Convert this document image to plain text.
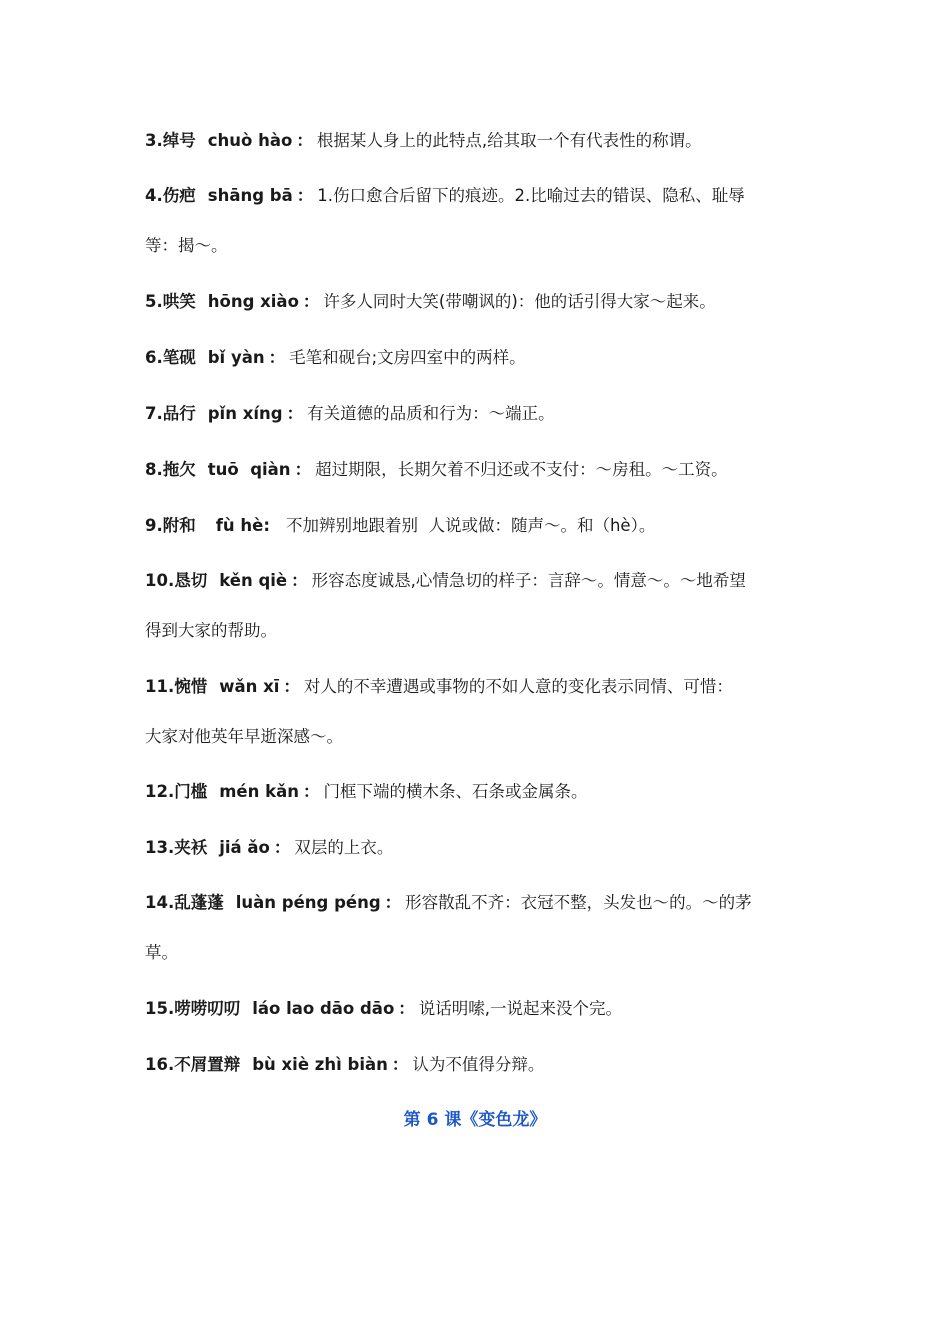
3.绰号 chuò hào ： 根据某人身上的此特点,给其取一个有代表性的称谓。
4.伤疤 shāng bā ： 1.伤口愈合后留下的痕迹。2.比喻过去的错误、隐私、耻辱
等：揭～。
5.哄笑 hōng xiào ： 许多人同时大笑(带嘲讽的)：他的话引得大家～起来。
6.笔砚 bǐ yàn ： 毛笔和砚台;文房四室中的两样。
7.品行 pǐn xíng ： 有关道德的品质和行为：～端正。
8.拖欠 tuō  qiàn ： 超过期限，长期欠着不归还或不支付：～房租。～工资。
9.附和 fù hè: 不加辨别地跟着别  人说或做：随声～。和（hè）。
10.恳切 kěn qiè ： 形容态度诚恳,心情急切的样子：言辞～。情意～。～地希望
得到大家的帮助。
11.惋惜 wǎn xī ： 对人的不幸遭遇或事物的不如人意的变化表示同情、可惜：
大家对他英年早逝深感～。
12.门槛 mén kǎn ： 门框下端的横木条、石条或金属条。
13.夹袄 jiá ǎo ： 双层的上衣。
14.乱蓬蓬 luàn péng péng ： 形容散乱不齐：衣冠不整，头发也～的。～的茅
草。
15.唠唠叨叨 láo lao dāo dāo ： 说话明嗦,一说起来没个完。
16.不屑置辩 bù xiè zhì biàn ： 认为不值得分辩。
第 6 课《变色龙》
